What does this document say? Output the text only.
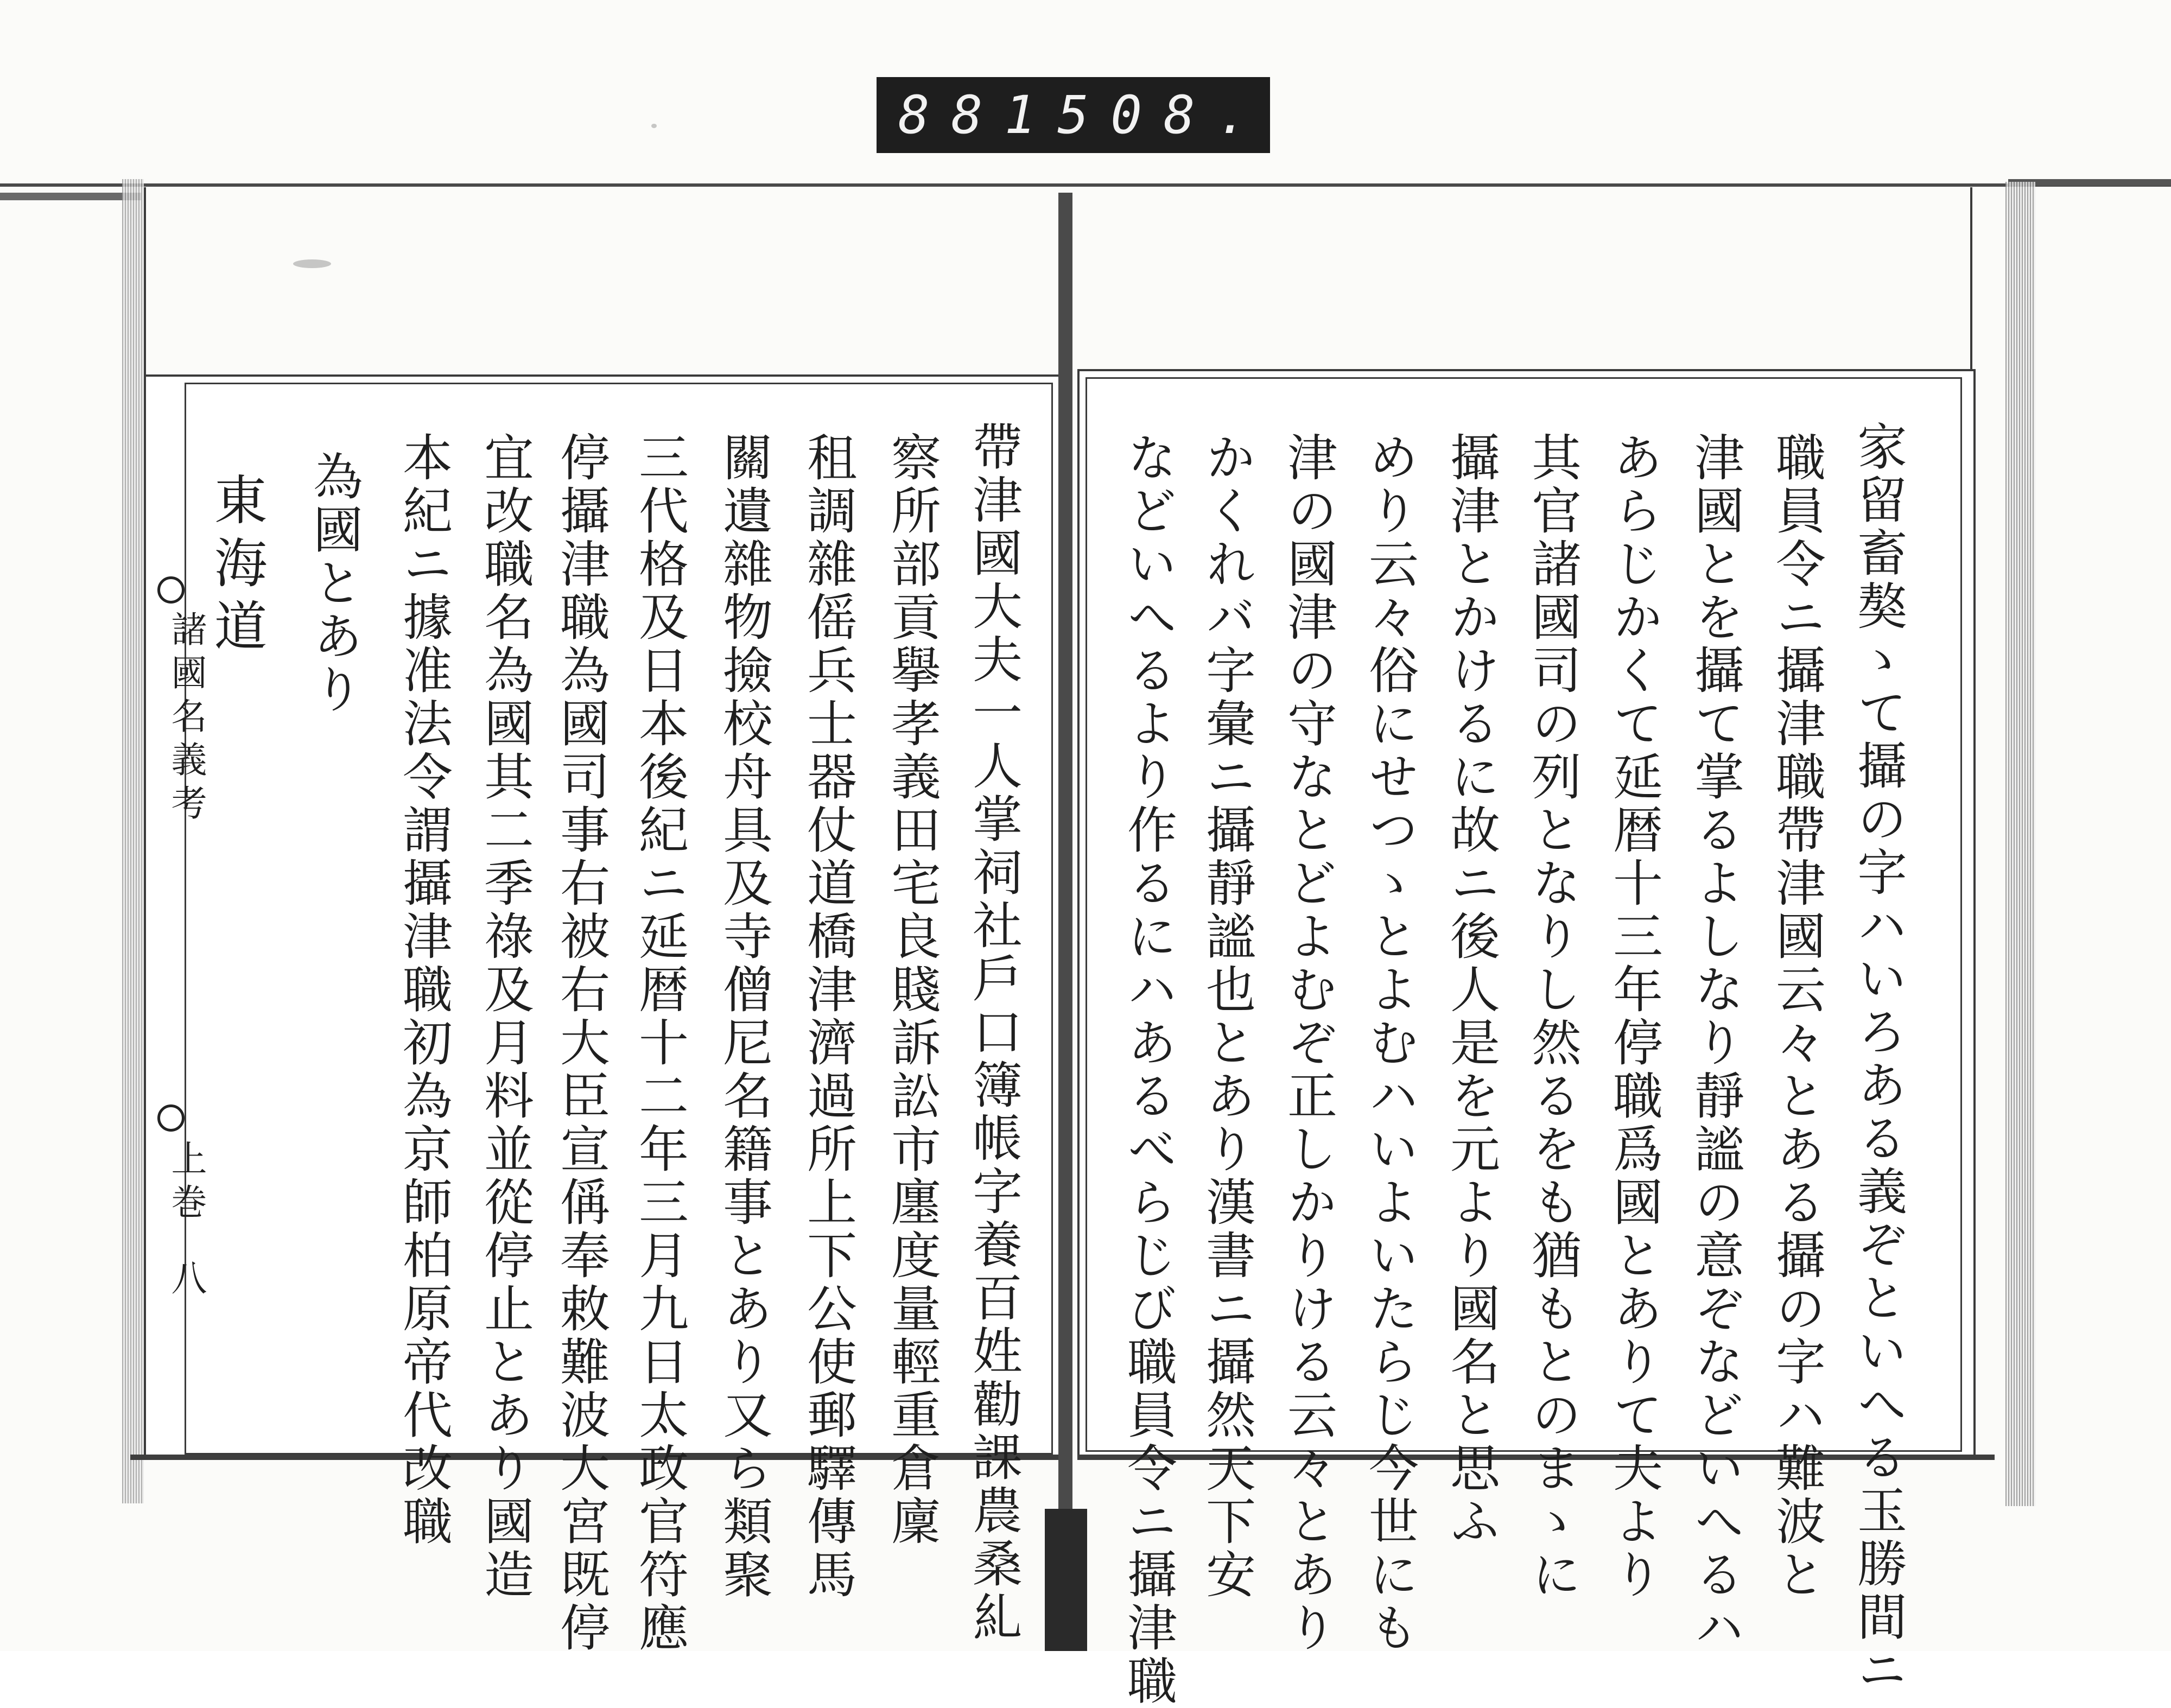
881 508.
諸國名義考
上巻
八
東海道 為國とあり 本紀ニ據准法令謂攝津職初為京師柏原帝代改職 宜改職名為國其二季祿及月料並從停止とあり國造 停攝津職為國司事右被右大臣宣偁奉敕難波大宮既停 三代格及日本後紀ニ延暦十二年三月九日太政官符應 關遺雜物撿校舟具及寺僧尼名籍事とあり又ら類聚 租調雜傜兵士器仗道橋津濟過所上下公使郵驛傳馬 察所部貢擧孝義田宅良賤訴訟市廛度量輕重倉廩 帶津國大夫一人掌祠社戶口簿帳字養百姓勸課農桑糺 などいへるより作るにハあるべらじび職員令ニ攝津職 かくれバ字彙ニ攝靜謐也とあり漢書ニ攝然天下安 津の國津の守なとどよむぞ正しかりける云々とあり めり云々俗にせつゝとよむハいよいたらじ今世にも 攝津とかけるに故ニ後人是を元より國名と思ふ 其官諸國司の列となりし然るをも猶もとのまゝに あらじかくて延暦十三年停職爲國とありて夫より 津國とを攝て掌るよしなり靜謐の意ぞなどいへるハ 職員令ニ攝津職帶津國云々とある攝の字ハ難波と 家留畜獒ゝて攝の字ハいろある義ぞといへる玉勝間ニ
